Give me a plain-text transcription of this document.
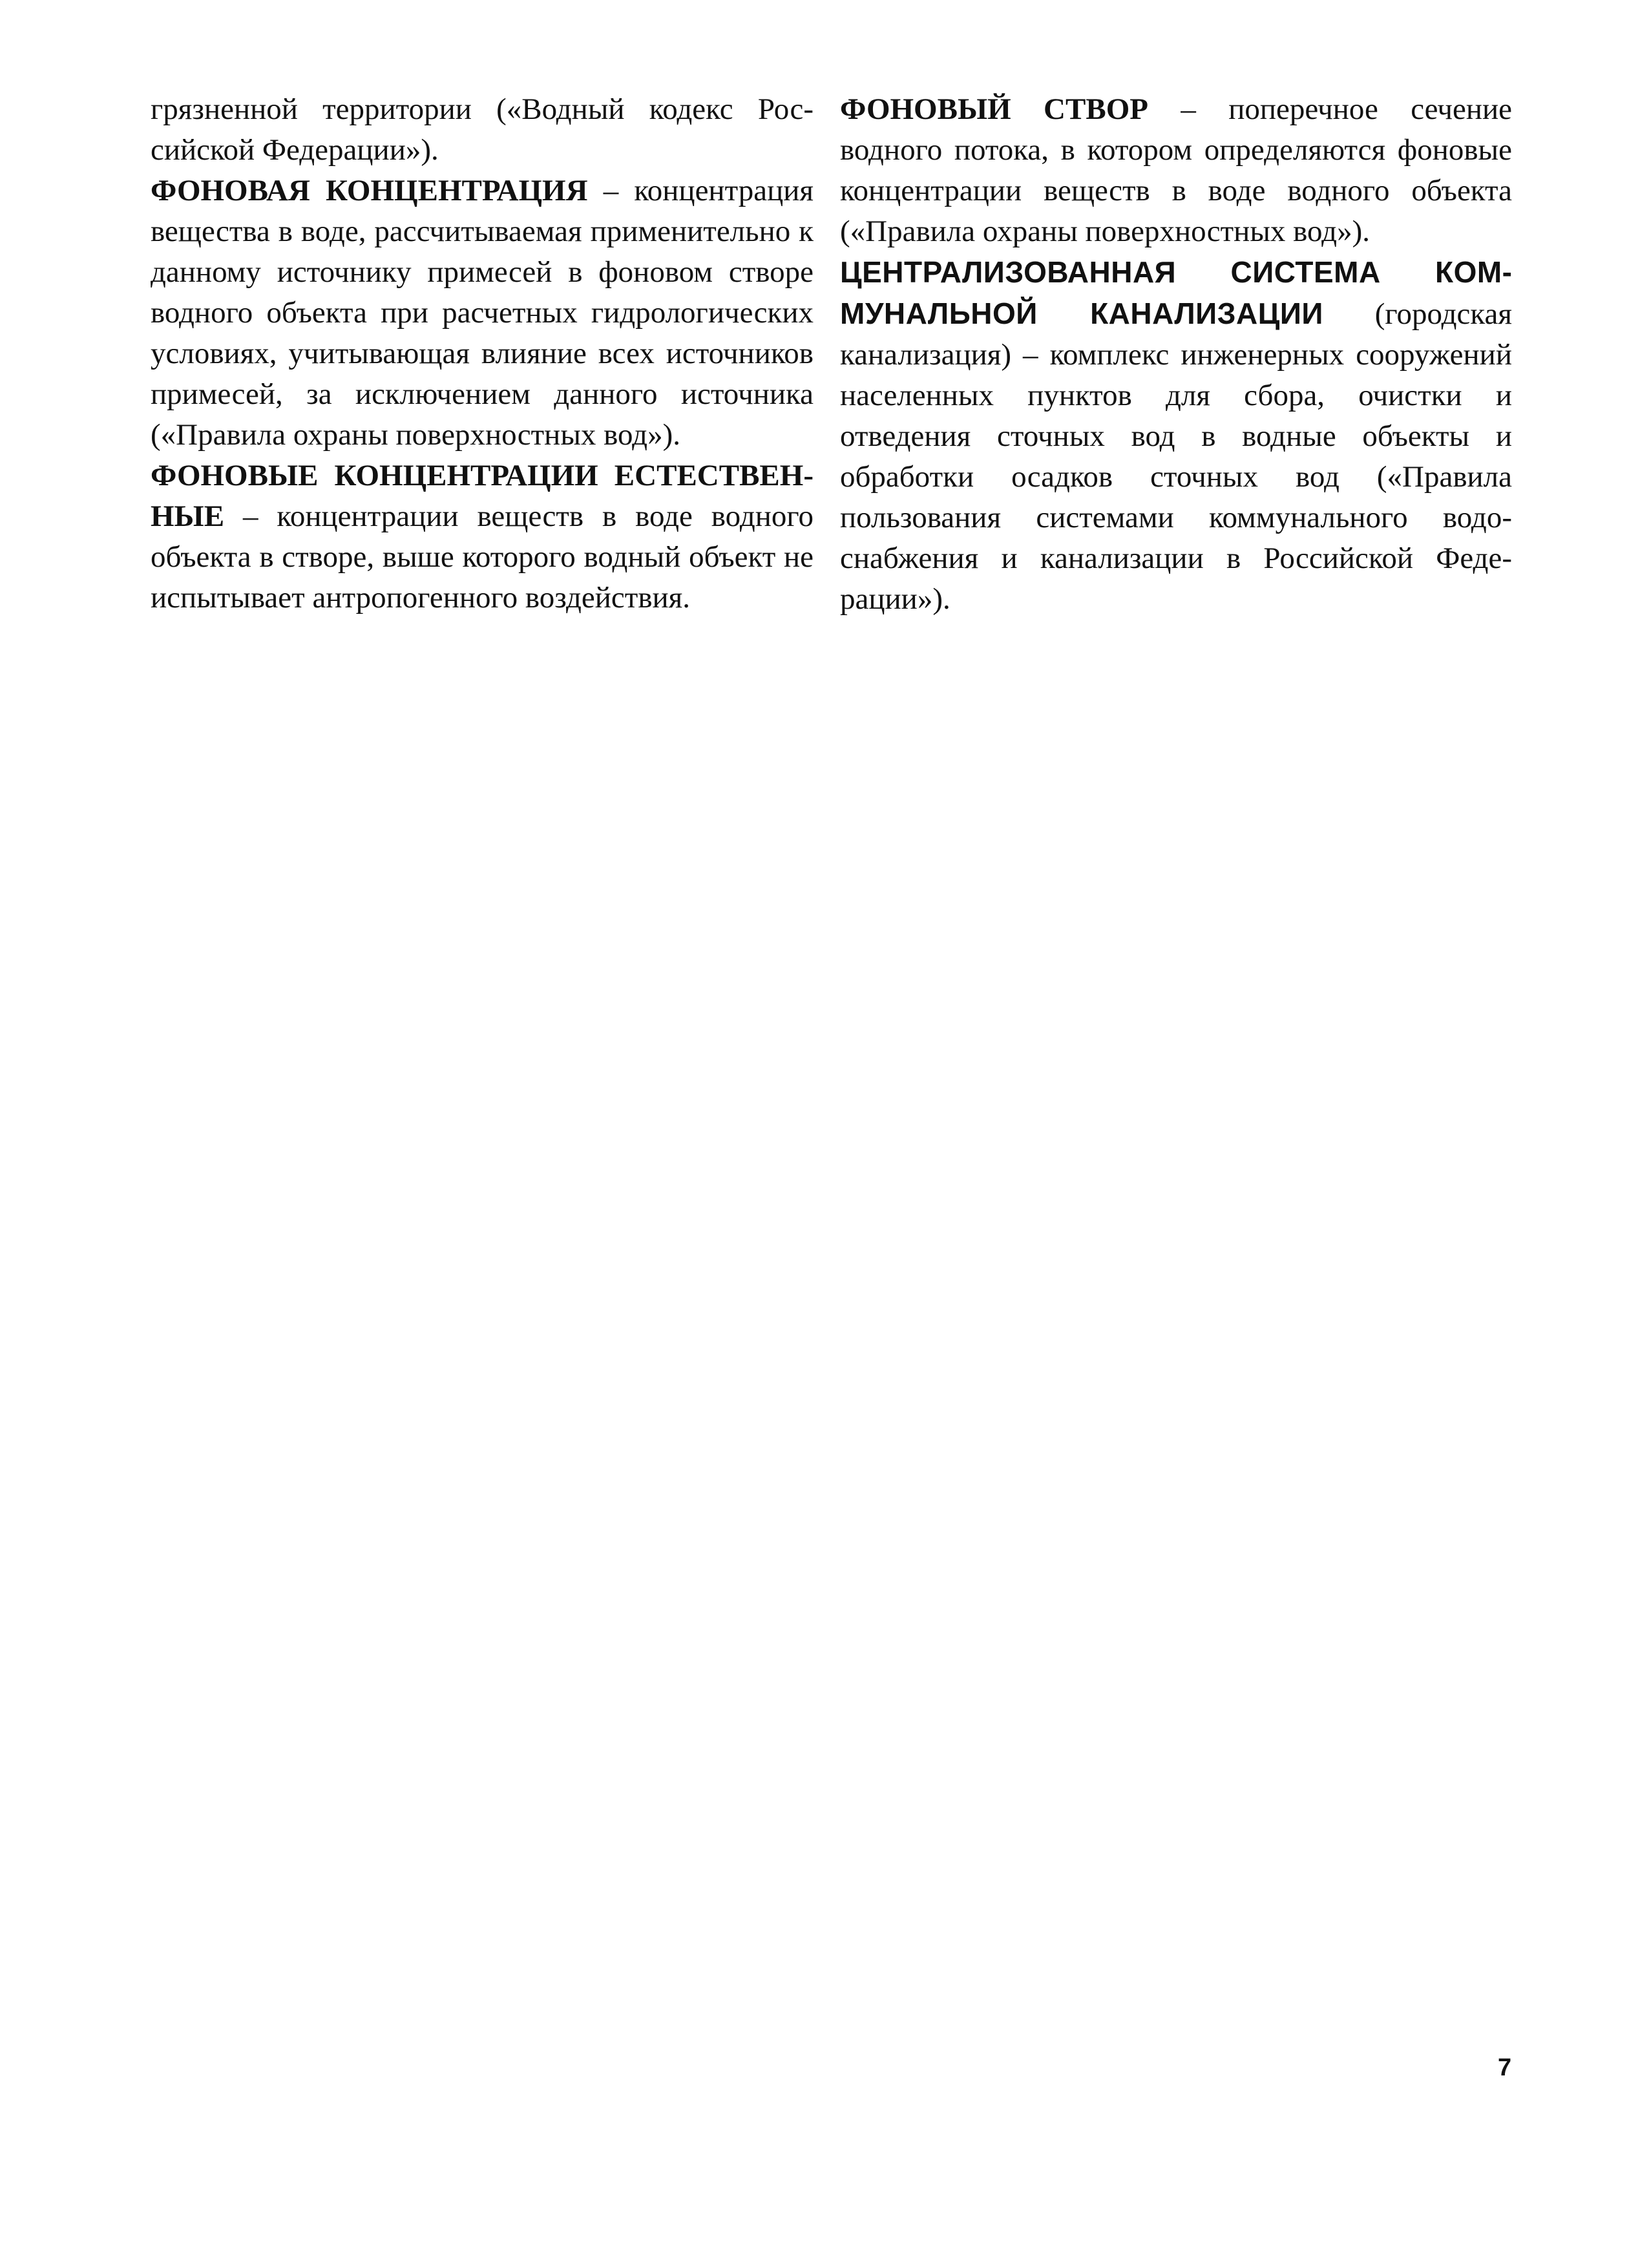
грязненной территории («Водный кодекс Российской Федерации»).

ФОНОВАЯ КОНЦЕНТРАЦИЯ – концентрация вещества в воде, рассчитываемая применительно к данному источнику примесей в фоновом створе водного объекта при расчетных гидрологических условиях, учитывающая влияние всех источников примесей, за исключением данного источника («Правила охраны поверхностных вод»).

ФОНОВЫЕ КОНЦЕНТРАЦИИ ЕСТЕСТВЕННЫЕ – концентрации веществ в воде водного объекта в створе, выше которого водный объект не испытывает антропогенного воздействия.

ФОНОВЫЙ СТВОР – поперечное сечение водного потока, в котором определяются фоновые концентрации веществ в воде водного объекта («Правила охраны поверхностных вод»).

ЦЕНТРАЛИЗОВАННАЯ СИСТЕМА КОММУНАЛЬНОЙ КАНАЛИЗАЦИИ (городская канализация) – комплекс инженерных сооружений населенных пунктов для сбора, очистки и отведения сточных вод в водные объекты и обработки осадков сточных вод («Правила пользования системами коммунального водоснабжения и канализации в Российской Федерации»).

7
